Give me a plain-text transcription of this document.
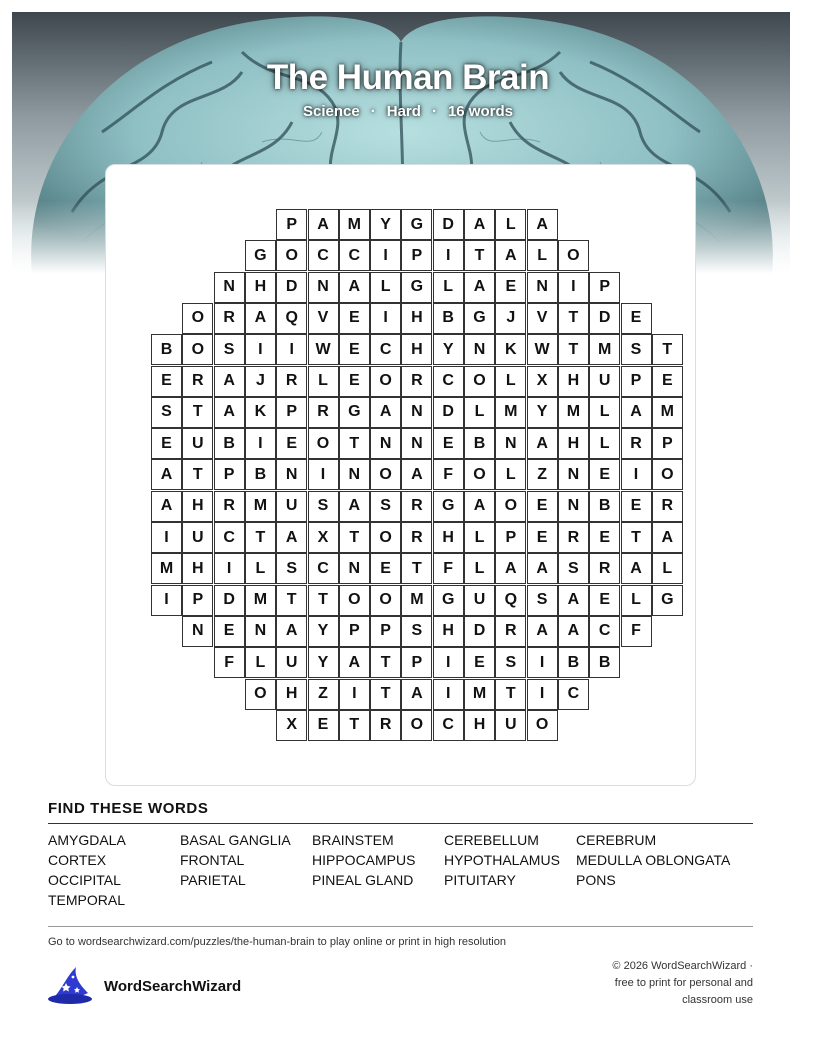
The Human Brain
Science · Hard · 16 words
P	A	M	Y	G	D	A	L	A
G	O	C	C	I	P	I	T	A	L	O
N	H	D	N	A	L	G	L	A	E	N	I	P
O	R	A	Q	V	E	I	H	B	G	J	V	T	D	E
B	O	S	I	I	W	E	C	H	Y	N	K	W	T	M	S	T
E	R	A	J	R	L	E	O	R	C	O	L	X	H	U	P	E
S	T	A	K	P	R	G	A	N	D	L	M	Y	M	L	A	M
E	U	B	I	E	O	T	N	N	E	B	N	A	H	L	R	P
A	T	P	B	N	I	N	O	A	F	O	L	Z	N	E	I	O
A	H	R	M	U	S	A	S	R	G	A	O	E	N	B	E	R
I	U	C	T	A	X	T	O	R	H	L	P	E	R	E	T	A
M	H	I	L	S	C	N	E	T	F	L	A	A	S	R	A	L
I	P	D	M	T	T	O	O	M	G	U	Q	S	A	E	L	G
N	E	N	A	Y	P	P	S	H	D	R	A	A	C	F
F	L	U	Y	A	T	P	I	E	S	I	B	B
O	H	Z	I	T	A	I	M	T	I	C
X	E	T	R	O	C	H	U	O
FIND THESE WORDS
AMYGDALA	BASAL GANGLIA	BRAINSTEM	CEREBELLUM	CEREBRUM
CORTEX	FRONTAL	HIPPOCAMPUS	HYPOTHALAMUS	MEDULLA OBLONGATA
OCCIPITAL	PARIETAL	PINEAL GLAND	PITUITARY	PONS
TEMPORAL
Go to wordsearchwizard.com/puzzles/the-human-brain to play online or print in high resolution
WordSearchWizard
© 2026 WordSearchWizard ·
free to print for personal and
classroom use
